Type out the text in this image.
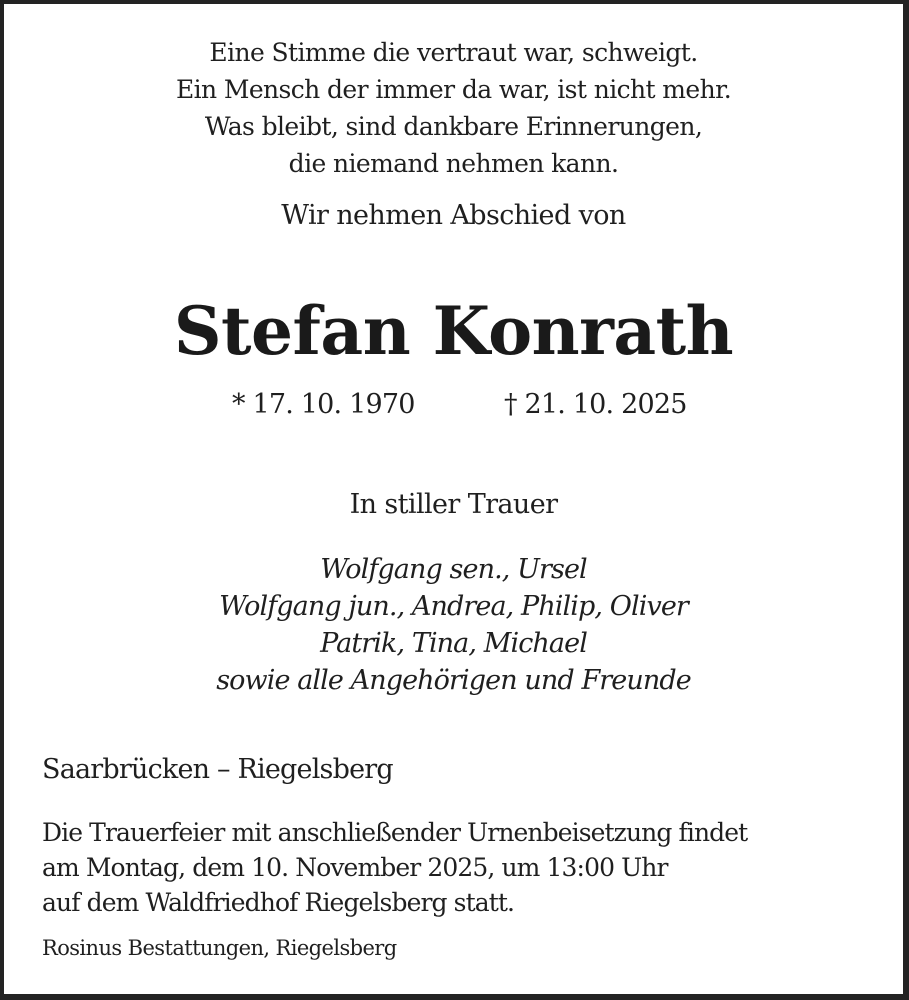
Eine Stimme die vertraut war, schweigt.
Ein Mensch der immer da war, ist nicht mehr.
Was bleibt, sind dankbare Erinnerungen,
die niemand nehmen kann.
Wir nehmen Abschied von
Stefan Konrath
* 17. 10. 1970	† 21. 10. 2025
In stiller Trauer
Wolfgang sen., Ursel
Wolfgang jun., Andrea, Philip, Oliver
Patrik, Tina, Michael
sowie alle Angehörigen und Freunde
Saarbrücken – Riegelsberg
Die Trauerfeier mit anschließender Urnenbeisetzung findet
am Montag, dem 10. November 2025, um 13:00 Uhr
auf dem Waldfriedhof Riegelsberg statt.
Rosinus Bestattungen, Riegelsberg
